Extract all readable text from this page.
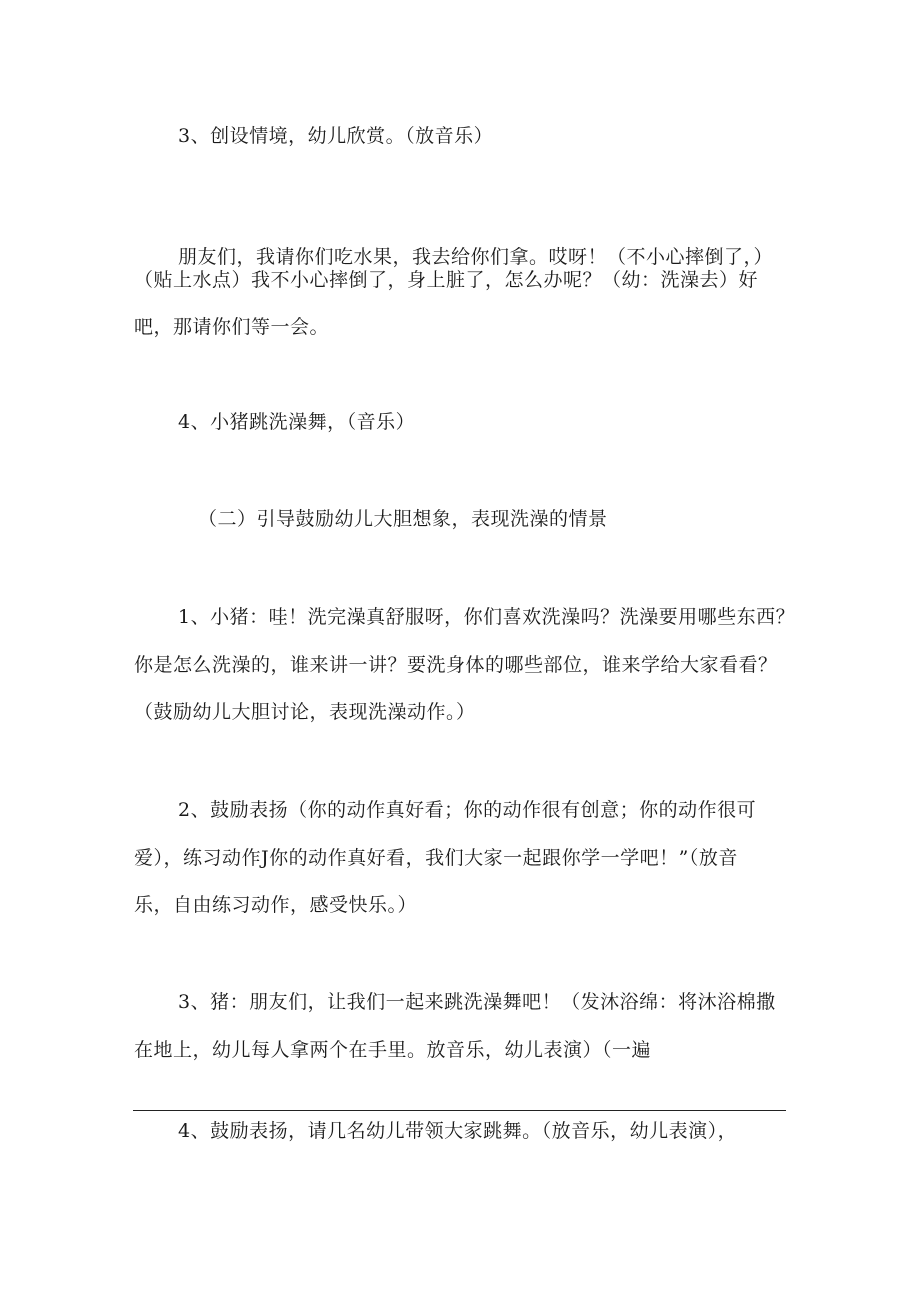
3、创设情境，幼儿欣赏。（放音乐）
朋友们，我请你们吃水果，我去给你们拿。哎呀！（不小心摔倒了，）
（贴上水点）我不小心摔倒了，身上脏了，怎么办呢？（幼：洗澡去）好
吧，那请你们等一会。
4、小猪跳洗澡舞，（音乐）
（二）引导鼓励幼儿大胆想象，表现洗澡的情景
1、小猪：哇！洗完澡真舒服呀，你们喜欢洗澡吗？洗澡要用哪些东西？
你是怎么洗澡的，谁来讲一讲？要洗身体的哪些部位，谁来学给大家看看？
（鼓励幼儿大胆讨论，表现洗澡动作。）
2、鼓励表扬（你的动作真好看；你的动作很有创意；你的动作很可
爱），练习动作J你的动作真好看，我们大家一起跟你学一学吧！”（放音
乐，自由练习动作，感受快乐。）
3、猪：朋友们，让我们一起来跳洗澡舞吧！（发沐浴绵：将沐浴棉撒
在地上，幼儿每人拿两个在手里。放音乐，幼儿表演）（一遍
4、鼓励表扬，请几名幼儿带领大家跳舞。（放音乐，幼儿表演），
